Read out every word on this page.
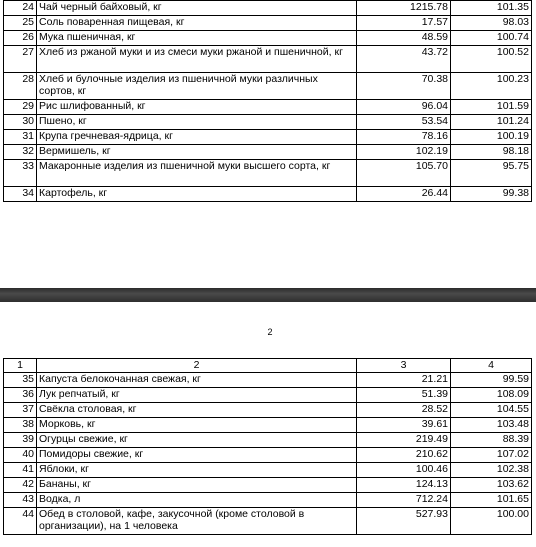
24	Чай черный байховый, кг	1215.78	101.35
25	Соль поваренная пищевая, кг	17.57	98.03
26	Мука пшеничная, кг	48.59	100.74
27	Хлеб из ржаной муки и из смеси муки ржаной и пшеничной, кг	43.72	100.52
28	Хлеб и булочные изделия из пшеничной муки различных сортов, кг	70.38	100.23
29	Рис шлифованный, кг	96.04	101.59
30	Пшено, кг	53.54	101.24
31	Крупа гречневая-ядрица, кг	78.16	100.19
32	Вермишель, кг	102.19	98.18
33	Макаронные изделия из пшеничной муки высшего сорта, кг	105.70	95.75
34	Картофель, кг	26.44	99.38
2
1	2	3	4
35	Капуста белокочанная свежая, кг	21.21	99.59
36	Лук репчатый, кг	51.39	108.09
37	Свёкла столовая, кг	28.52	104.55
38	Морковь, кг	39.61	103.48
39	Огурцы свежие, кг	219.49	88.39
40	Помидоры свежие, кг	210.62	107.02
41	Яблоки, кг	100.46	102.38
42	Бананы, кг	124.13	103.62
43	Водка, л	712.24	101.65
44	Обед в столовой, кафе, закусочной (кроме столовой в организации), на 1 человека	527.93	100.00
